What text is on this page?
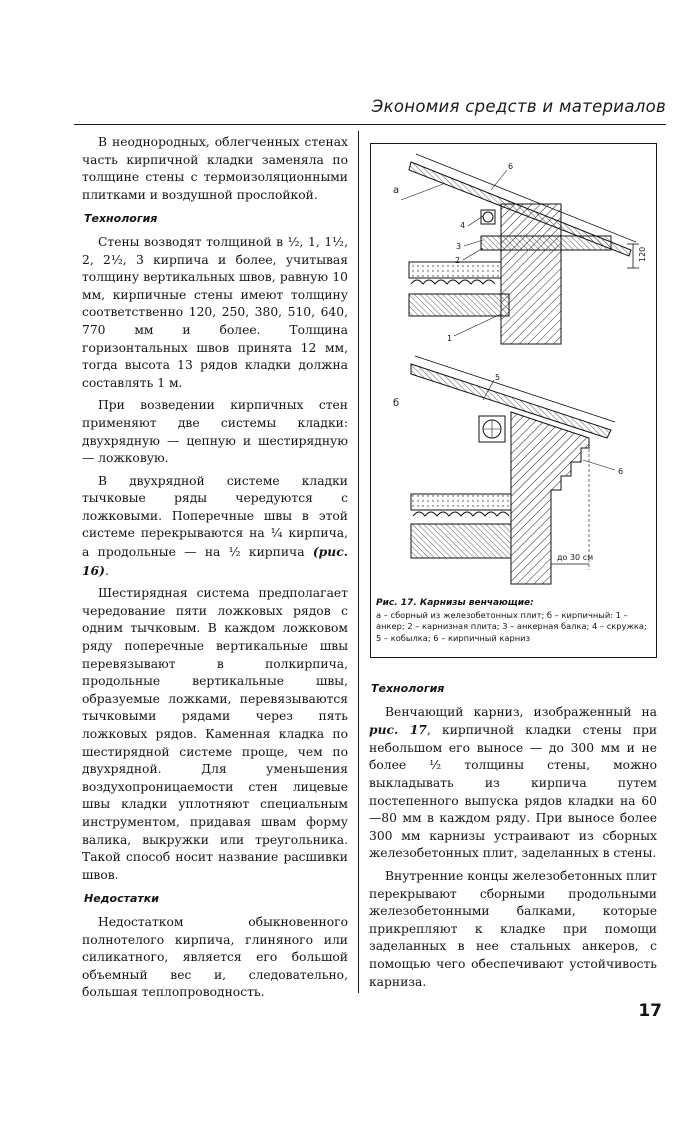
Экономия средств и материалов

В неоднородных, облегченных стенах часть кирпичной кладки заменяла по толщине стены с термоизоляционными плитками и воздушной прослойкой.

Технология

Стены возводят толщиной в ½, 1, 1½, 2, 2½, 3 кирпича и более, учитывая толщину вертикальных швов, равную 10 мм, кирпичные стены имеют толщину соответственно 120, 250, 380, 510, 640, 770 мм и более. Толщина горизонтальных швов принята 12 мм, тогда высота 13 рядов кладки должна составлять 1 м.

При возведении кирпичных стен применяют две системы кладки: двухрядную — цепную и шестирядную — ложковую.

В двухрядной системе кладки тычковые ряды чередуются с ложковыми. Поперечные швы в этой системе перекрываются на ¼ кирпича, а продольные — на ½ кирпича (рис. 16).

Шестирядная система предполагает чередование пяти ложковых рядов с одним тычковым. В каждом ложковом ряду поперечные вертикальные швы перевязывают в полкирпича, продольные вертикальные швы, образуемые ложками, перевязываются тычковыми рядами через пять ложковых рядов. Каменная кладка по шестирядной системе проще, чем по двухрядной. Для уменьшения воздухопроницаемости стен лицевые швы кладки уплотняют специальным инструментом, придавая швам форму валика, выкружки или треугольника. Такой способ носит название расшивки швов.

Недостатки

Недостатком обыкновенного полнотелого кирпича, глиняного или силикатного, является его большой объемный вес и, следовательно, большая теплопроводность.

а
4
3
2
6
1
120
б
5
6
до 30 см
Рис. 17. Карнизы венчающие:
а – сборный из железобетонных плит; б – кирпичный: 1 – анкер; 2 – карнизная плита; 3 – анкерная балка; 4 – скружка; 5 – кобылка; 6 – кирпичный карниз
Технология

Венчающий карниз, изображенный на рис. 17, кирпичной кладки стены при небольшом его выносе — до 300 мм и не более ½ толщины стены, можно выкладывать из кирпича путем постепенного выпуска рядов кладки на 60—80 мм в каждом ряду. При выносе более 300 мм карнизы устраивают из сборных железобетонных плит, заделанных в стены.

Внутренние концы железобетонных плит перекрывают сборными продольными железобетонными балками, которые прикрепляют к кладке при помощи заделанных в нее стальных анкеров, с помощью чего обеспечивают устойчивость карниза.

17
